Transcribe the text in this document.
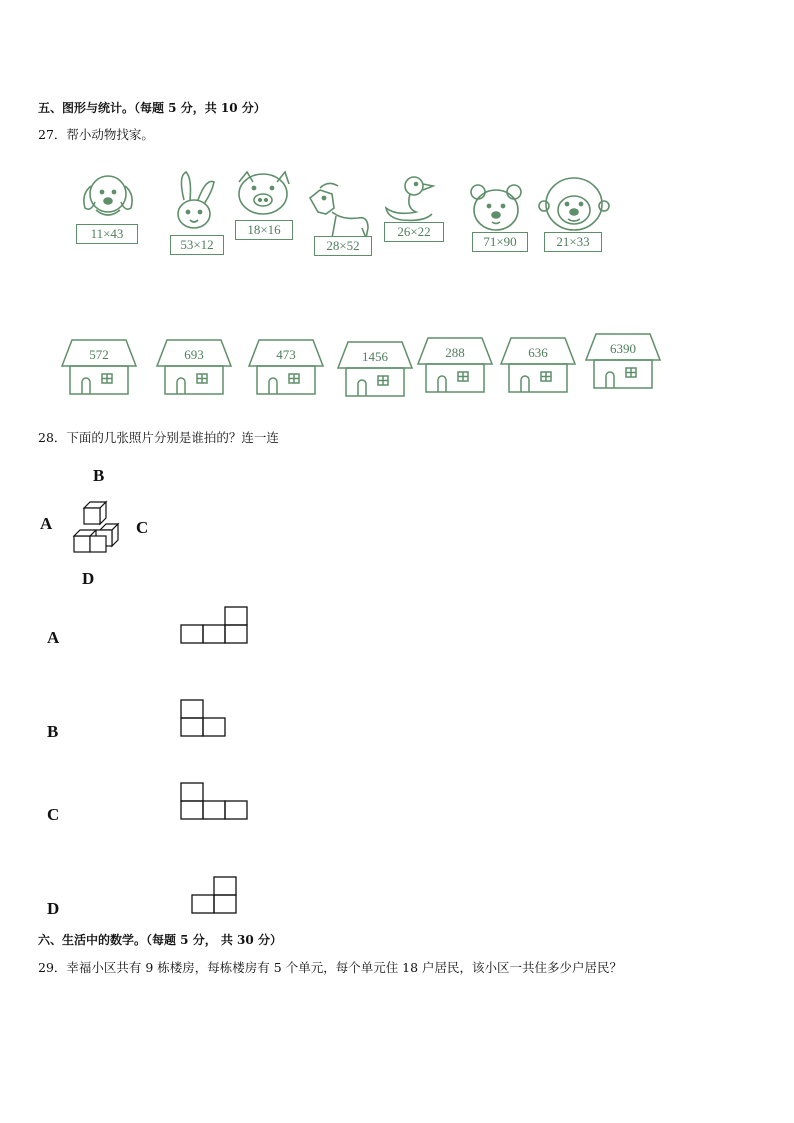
五、图形与统计。（每题 5 分，共 10 分）
27．帮小动物找家。
11×43
53×12
18×16
28×52
26×22
71×90	21×33
572	693	473	1456	288	636	6390
28．下面的几张照片分别是谁拍的？连一连
B
A	C
D
A
B
C
D
六、生活中的数学。（每题 5 分， 共 30 分）
29．幸福小区共有 9 栋楼房，每栋楼房有 5 个单元，每个单元住 18 户居民，该小区一共住多少户居民？
